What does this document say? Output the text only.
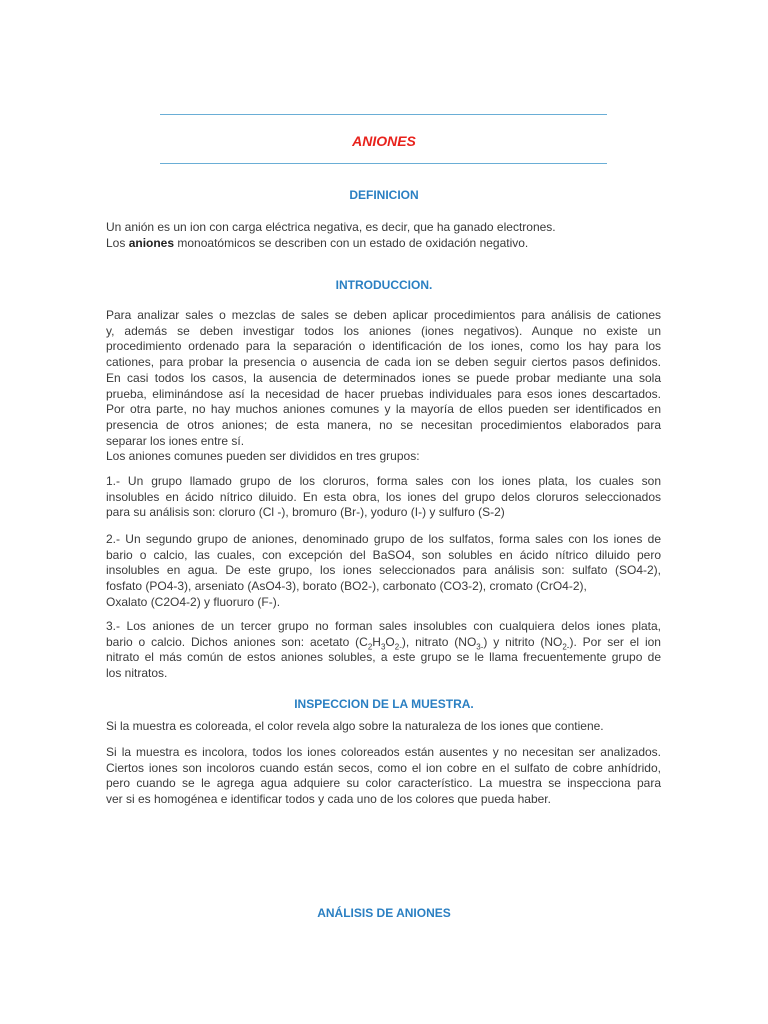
ANIONES
DEFINICION
Un anión es un ion con carga eléctrica negativa, es decir, que ha ganado electrones.
Los aniones monoatómicos se describen con un estado de oxidación negativo.
INTRODUCCION.
Para analizar sales o mezclas de sales se deben aplicar procedimientos para análisis de cationes
y, además se deben investigar todos los aniones (iones negativos). Aunque no existe un
procedimiento ordenado para la separación o identificación de los iones, como los hay para los
cationes, para probar la presencia o ausencia de cada ion se deben seguir ciertos pasos definidos.
En casi todos los casos, la ausencia de determinados iones se puede probar mediante una sola
prueba, eliminándose así la necesidad de hacer pruebas individuales para esos iones descartados.
Por otra parte, no hay muchos aniones comunes y la mayoría de ellos pueden ser identificados en
presencia de otros aniones; de esta manera, no se necesitan procedimientos elaborados para
separar los iones entre sí.
Los aniones comunes pueden ser divididos en tres grupos:
1.- Un grupo llamado grupo de los cloruros, forma sales con los iones plata, los cuales son
insolubles en ácido nítrico diluido. En esta obra, los iones del grupo delos cloruros seleccionados
para su análisis son: cloruro (Cl -), bromuro (Br-), yoduro (I-) y sulfuro (S-2)
2.- Un segundo grupo de aniones, denominado grupo de los sulfatos, forma sales con los iones de
bario o calcio, las cuales, con excepción del BaSO4, son solubles en ácido nítrico diluido pero
insolubles en agua. De este grupo, los iones seleccionados para análisis son: sulfato (SO4-2),
fosfato (PO4-3), arseniato (AsO4-3), borato (BO2-), carbonato (CO3-2), cromato (CrO4-2),
Oxalato (C2O4-2) y fluoruro (F-).
3.- Los aniones de un tercer grupo no forman sales insolubles con cualquiera delos iones plata,
bario o calcio. Dichos aniones son: acetato $(C_2H_3O_{2-})$, nitrato $(NO_{3-})$ y nitrito $(NO_{2-})$. Por ser el ion
nitrato el más común de estos aniones solubles, a este grupo se le llama frecuentemente grupo de
los nitratos.
INSPECCION DE LA MUESTRA.
Si la muestra es coloreada, el color revela algo sobre la naturaleza de los iones que contiene.
Si la muestra es incolora, todos los iones coloreados están ausentes y no necesitan ser analizados.
Ciertos iones son incoloros cuando están secos, como el ion cobre en el sulfato de cobre anhídrido,
pero cuando se le agrega agua adquiere su color característico. La muestra se inspecciona para
ver si es homogénea e identificar todos y cada uno de los colores que pueda haber.
ANÁLISIS DE ANIONES
